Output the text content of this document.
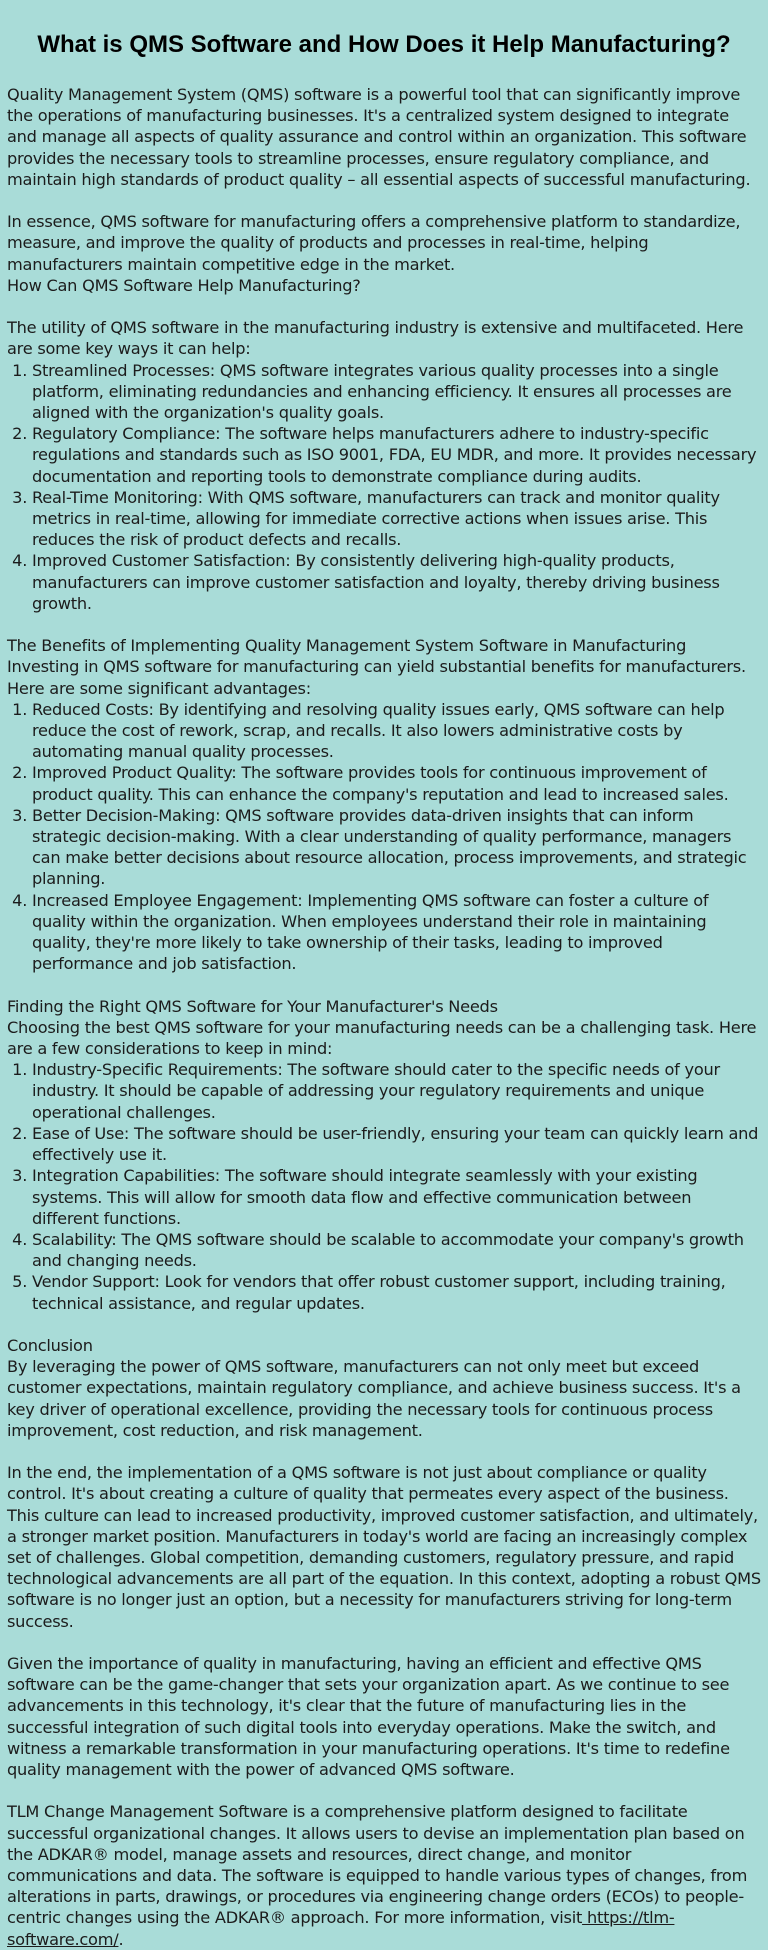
What is QMS Software and How Does it Help Manufacturing?

Quality Management System (QMS) software is a powerful tool that can significantly improve the operations of manufacturing businesses. It's a centralized system designed to integrate and manage all aspects of quality assurance and control within an organization. This software provides the necessary tools to streamline processes, ensure regulatory compliance, and maintain high standards of product quality – all essential aspects of successful manufacturing.

In essence, QMS software for manufacturing offers a comprehensive platform to standardize, measure, and improve the quality of products and processes in real-time, helping manufacturers maintain competitive edge in the market.

How Can QMS Software Help Manufacturing?

The utility of QMS software in the manufacturing industry is extensive and multifaceted. Here are some key ways it can help:

1. Streamlined Processes: QMS software integrates various quality processes into a single platform, eliminating redundancies and enhancing efficiency. It ensures all processes are aligned with the organization's quality goals.
2. Regulatory Compliance: The software helps manufacturers adhere to industry-specific regulations and standards such as ISO 9001, FDA, EU MDR, and more. It provides necessary documentation and reporting tools to demonstrate compliance during audits.
3. Real-Time Monitoring: With QMS software, manufacturers can track and monitor quality metrics in real-time, allowing for immediate corrective actions when issues arise. This reduces the risk of product defects and recalls.
4. Improved Customer Satisfaction: By consistently delivering high-quality products, manufacturers can improve customer satisfaction and loyalty, thereby driving business growth.

The Benefits of Implementing Quality Management System Software in Manufacturing

Investing in QMS software for manufacturing can yield substantial benefits for manufacturers. Here are some significant advantages:

1. Reduced Costs: By identifying and resolving quality issues early, QMS software can help reduce the cost of rework, scrap, and recalls. It also lowers administrative costs by automating manual quality processes.
2. Improved Product Quality: The software provides tools for continuous improvement of product quality. This can enhance the company's reputation and lead to increased sales.
3. Better Decision-Making: QMS software provides data-driven insights that can inform strategic decision-making. With a clear understanding of quality performance, managers can make better decisions about resource allocation, process improvements, and strategic planning.
4. Increased Employee Engagement: Implementing QMS software can foster a culture of quality within the organization. When employees understand their role in maintaining quality, they're more likely to take ownership of their tasks, leading to improved performance and job satisfaction.

Finding the Right QMS Software for Your Manufacturer's Needs

Choosing the best QMS software for your manufacturing needs can be a challenging task. Here are a few considerations to keep in mind:

1. Industry-Specific Requirements: The software should cater to the specific needs of your industry. It should be capable of addressing your regulatory requirements and unique operational challenges.
2. Ease of Use: The software should be user-friendly, ensuring your team can quickly learn and effectively use it.
3. Integration Capabilities: The software should integrate seamlessly with your existing systems. This will allow for smooth data flow and effective communication between different functions.
4. Scalability: The QMS software should be scalable to accommodate your company's growth and changing needs.
5. Vendor Support: Look for vendors that offer robust customer support, including training, technical assistance, and regular updates.

Conclusion

By leveraging the power of QMS software, manufacturers can not only meet but exceed customer expectations, maintain regulatory compliance, and achieve business success. It's a key driver of operational excellence, providing the necessary tools for continuous process improvement, cost reduction, and risk management.

In the end, the implementation of a QMS software is not just about compliance or quality control. It's about creating a culture of quality that permeates every aspect of the business. This culture can lead to increased productivity, improved customer satisfaction, and ultimately, a stronger market position. Manufacturers in today's world are facing an increasingly complex set of challenges. Global competition, demanding customers, regulatory pressure, and rapid technological advancements are all part of the equation. In this context, adopting a robust QMS software is no longer just an option, but a necessity for manufacturers striving for long-term success.

Given the importance of quality in manufacturing, having an efficient and effective QMS software can be the game-changer that sets your organization apart. As we continue to see advancements in this technology, it's clear that the future of manufacturing lies in the successful integration of such digital tools into everyday operations. Make the switch, and witness a remarkable transformation in your manufacturing operations. It's time to redefine quality management with the power of advanced QMS software.

TLM Change Management Software is a comprehensive platform designed to facilitate successful organizational changes. It allows users to devise an implementation plan based on the ADKAR® model, manage assets and resources, direct change, and monitor communications and data. The software is equipped to handle various types of changes, from alterations in parts, drawings, or procedures via engineering change orders (ECOs) to people-centric changes using the ADKAR® approach. For more information, visit https://tlm-software.com/.
